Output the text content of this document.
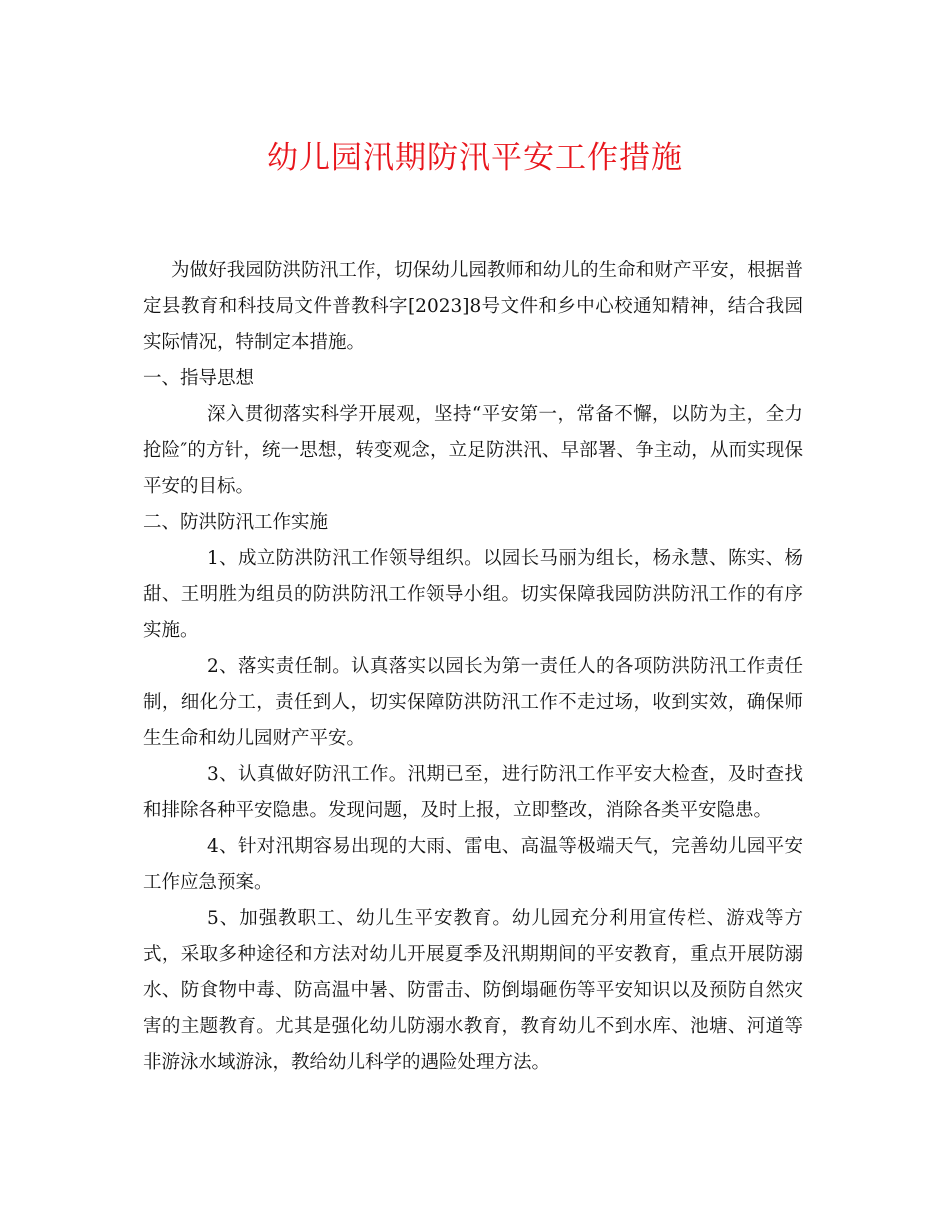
幼儿园汛期防汛平安工作措施

为做好我园防洪防汛工作，切保幼儿园教师和幼儿的生命和财产平安，根据普定县教育和科技局文件普教科字[2023]8号文件和乡中心校通知精神，结合我园实际情况，特制定本措施。

一、指导思想

深入贯彻落实科学开展观，坚持“平安第一，常备不懈，以防为主，全力抢险″的方针，统一思想，转变观念，立足防洪汛、早部署、争主动，从而实现保平安的目标。

二、防洪防汛工作实施

1、成立防洪防汛工作领导组织。以园长马丽为组长，杨永慧、陈实、杨甜、王明胜为组员的防洪防汛工作领导小组。切实保障我园防洪防汛工作的有序实施。

2、落实责任制。认真落实以园长为第一责任人的各项防洪防汛工作责任制，细化分工，责任到人，切实保障防洪防汛工作不走过场，收到实效，确保师生生命和幼儿园财产平安。

3、认真做好防汛工作。汛期已至，进行防汛工作平安大检查，及时查找和排除各种平安隐患。发现问题，及时上报，立即整改，消除各类平安隐患。

4、针对汛期容易出现的大雨、雷电、高温等极端天气，完善幼儿园平安工作应急预案。

5、加强教职工、幼儿生平安教育。幼儿园充分利用宣传栏、游戏等方式，采取多种途径和方法对幼儿开展夏季及汛期期间的平安教育，重点开展防溺水、防食物中毒、防高温中暑、防雷击、防倒塌砸伤等平安知识以及预防自然灾害的主题教育。尤其是强化幼儿防溺水教育，教育幼儿不到水库、池塘、河道等非游泳水域游泳，教给幼儿科学的遇险处理方法。
